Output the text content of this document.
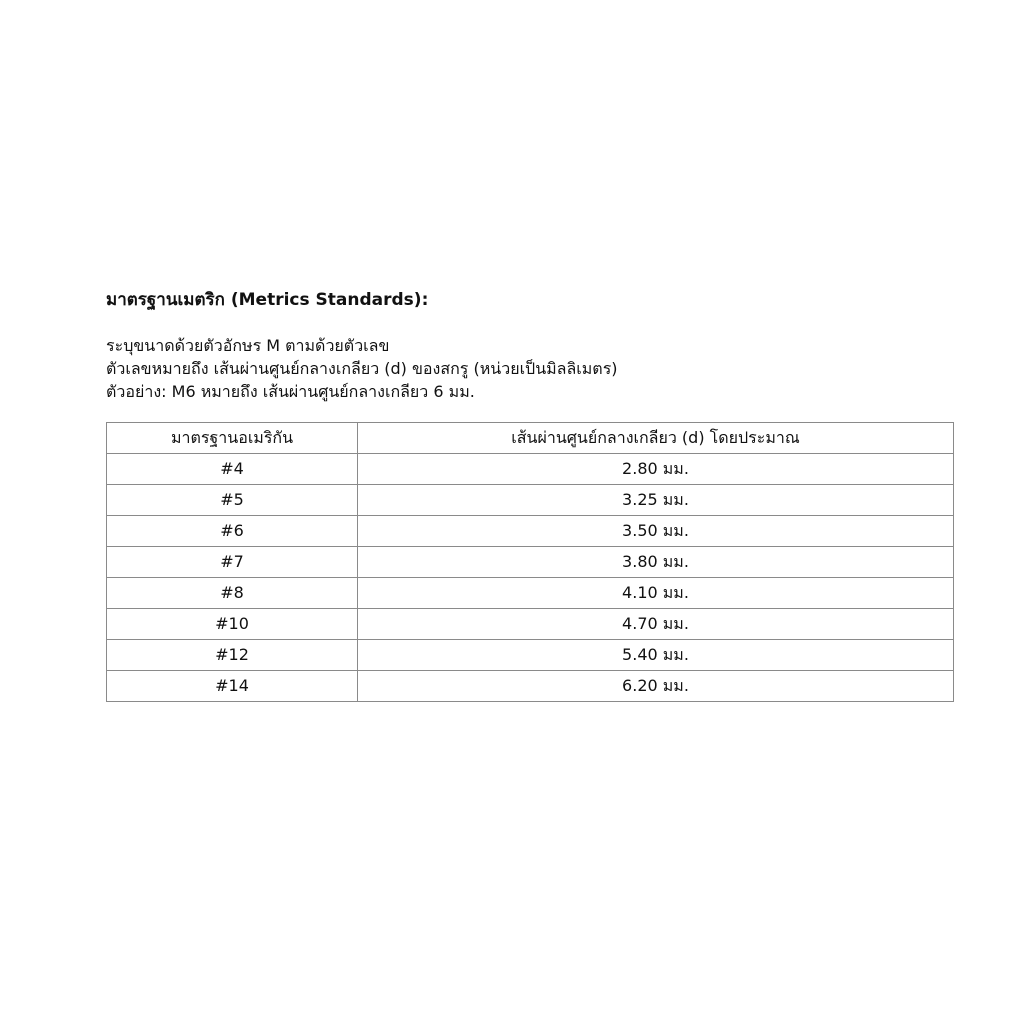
มาตรฐานเมตริก (Metrics Standards):
ระบุขนาดด้วยตัวอักษร M ตามด้วยตัวเลข
ตัวเลขหมายถึง เส้นผ่านศูนย์กลางเกลียว (d) ของสกรู (หน่วยเป็นมิลลิเมตร)
ตัวอย่าง: M6 หมายถึง เส้นผ่านศูนย์กลางเกลียว 6 มม.
มาตรฐานอเมริกัน	เส้นผ่านศูนย์กลางเกลียว (d) โดยประมาณ
#4	2.80 มม.
#5	3.25 มม.
#6	3.50 มม.
#7	3.80 มม.
#8	4.10 มม.
#10	4.70 มม.
#12	5.40 มม.
#14	6.20 มม.
